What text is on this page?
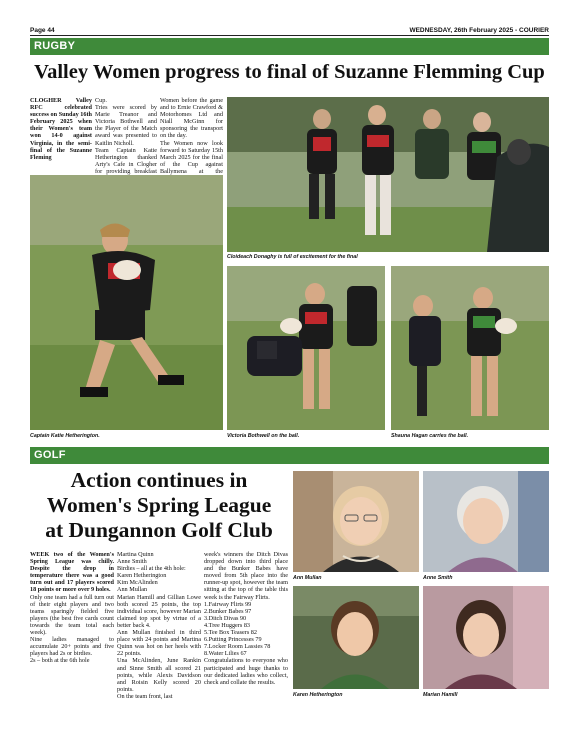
Page 44	WEDNESDAY, 26th February 2025 - COURIER
RUGBY
Valley Women progress to final of Suzanne Flemming Cup

CLOGHER Valley RFC celebrated success on Sunday 16th February 2025 when their Women's team won 14-0 against Virginia, in the semi-final of the Suzanne Fleming

Cup.

Tries were scored by Marie Treanor and Victoria Bothwell and the Player of the Match award was presented to Kaitlin Nicholl.

Team Captain Katie Hetherington thanked Arty's Cafe in Clogher for providing breakfast

Women before the game and to Ernie Crawford & Motorhomes Ltd and Niall McGinn for sponsoring the transport on the day.

The Women now look forward to Saturday 15th March 2025 for the final of the Cup against Ballymena at the

Cloideach Donaghy is full of excitement for the final
Captain Katie Hetherington.	Victoria Bothwell on the ball.	Shauna Hagan carries the ball.
GOLF
Action continues in
Women's Spring League
at Dungannon Golf Club

WEEK two of the Women's Spring League was chilly. Despite the drop in temperature there was a good turn out and 17 players scored 18 points or more over 9 holes.

Only one team had a full turn out of their eight players and two teams sparingly fielded five players (the best five cards count towards the team total each week).

Nine ladies managed to accumulate 20+ points and five players had 2s or birdies.

2s – both at the 6th hole

Martina Quinn

Anne Smith

Birdies – all at the 4th hole:

Karen Hetherington

Kim McAlinden

Ann Mullan

Marian Hamill and Gillian Lowe both scored 25 points, the top individual score, however Marian claimed top spot by virtue of a better back 4.

Ann Mullan finished in third place with 24 points and Martina Quinn was hot on her heels with 22 points.

Una McAlinden, June Rankin and Sinne Smith all scored 21 points, while Alexis Davidson and Roisin Kelly scored 20 points.

On the team front, last

week's winners the Ditch Divas dropped down into third place and the Bunker Babes have moved from 5th place into the runner-up spot, however the team sitting at the top of the table this week is the Fairway Flirts.

1.Fairway Flirts 99
2.Bunker Babes 97
3.Ditch Divas 90
4.Tree Huggers 83
5.Tee Box Teasers 82
6.Putting Princesses 79
7.Locker Room Lassies 78
8.Water Lilies 67

Congratulations to everyone who participated and huge thanks to our dedicated ladies who collect, check and collate the results.

Ann Mullan	Anne Smith
Karen Hetherington	Marian Hamill
